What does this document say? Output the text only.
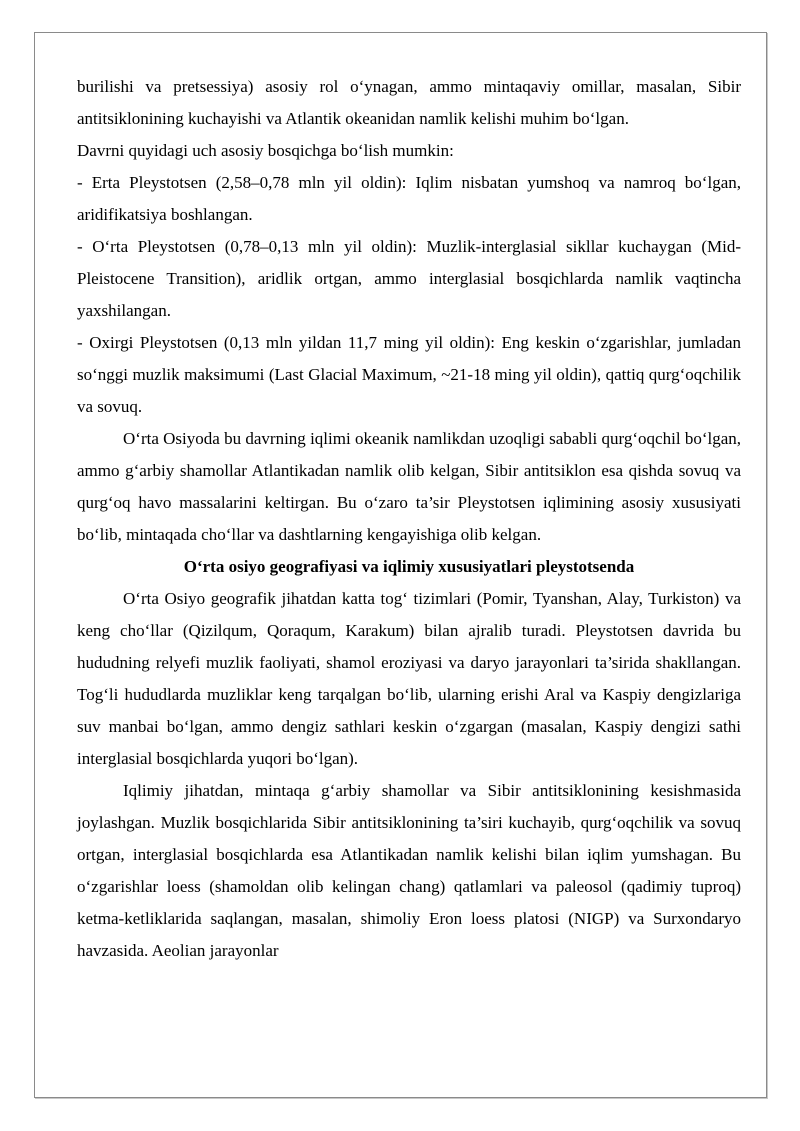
burilishi va pretsessiya) asosiy rol o‘ynagan, ammo mintaqaviy omillar, masalan, Sibir antitsiklonining kuchayishi va Atlantik okeanidan namlik kelishi muhim bo‘lgan.

Davrni quyidagi uch asosiy bosqichga bo‘lish mumkin:

- Erta Pleystotsen (2,58–0,78 mln yil oldin): Iqlim nisbatan yumshoq va namroq bo‘lgan, aridifikatsiya boshlangan.

- O‘rta Pleystotsen (0,78–0,13 mln yil oldin): Muzlik-interglasial sikllar kuchaygan (Mid-Pleistocene Transition), aridlik ortgan, ammo interglasial bosqichlarda namlik vaqtincha yaxshilangan.

- Oxirgi Pleystotsen (0,13 mln yildan 11,7 ming yil oldin): Eng keskin o‘zgarishlar, jumladan so‘nggi muzlik maksimumi (Last Glacial Maximum, ~21-18 ming yil oldin), qattiq qurg‘oqchilik va sovuq.

O‘rta Osiyoda bu davrning iqlimi okeanik namlikdan uzoqligi sababli qurg‘oqchil bo‘lgan, ammo g‘arbiy shamollar Atlantikadan namlik olib kelgan, Sibir antitsiklon esa qishda sovuq va qurg‘oq havo massalarini keltirgan. Bu o‘zaro ta’sir Pleystotsen iqlimining asosiy xususiyati bo‘lib, mintaqada cho‘llar va dashtlarning kengayishiga olib kelgan.

O‘rta osiyo geografiyasi va iqlimiy xususiyatlari pleystotsenda

O‘rta Osiyo geografik jihatdan katta tog‘ tizimlari (Pomir, Tyanshan, Alay, Turkiston) va keng cho‘llar (Qizilqum, Qoraqum, Karakum) bilan ajralib turadi. Pleystotsen davrida bu hududning relyefi muzlik faoliyati, shamol eroziyasi va daryo jarayonlari ta’sirida shakllangan. Tog‘li hududlarda muzliklar keng tarqalgan bo‘lib, ularning erishi Aral va Kaspiy dengizlariga suv manbai bo‘lgan, ammo dengiz sathlari keskin o‘zgargan (masalan, Kaspiy dengizi sathi interglasial bosqichlarda yuqori bo‘lgan).

Iqlimiy jihatdan, mintaqa g‘arbiy shamollar va Sibir antitsiklonining kesishmasida joylashgan. Muzlik bosqichlarida Sibir antitsiklonining ta’siri kuchayib, qurg‘oqchilik va sovuq ortgan, interglasial bosqichlarda esa Atlantikadan namlik kelishi bilan iqlim yumshagan. Bu o‘zgarishlar loess (shamoldan olib kelingan chang) qatlamlari va paleosol (qadimiy tuproq) ketma-ketliklarida saqlangan, masalan, shimoliy Eron loess platosi (NIGP) va Surxondaryo havzasida. Aeolian jarayonlar
